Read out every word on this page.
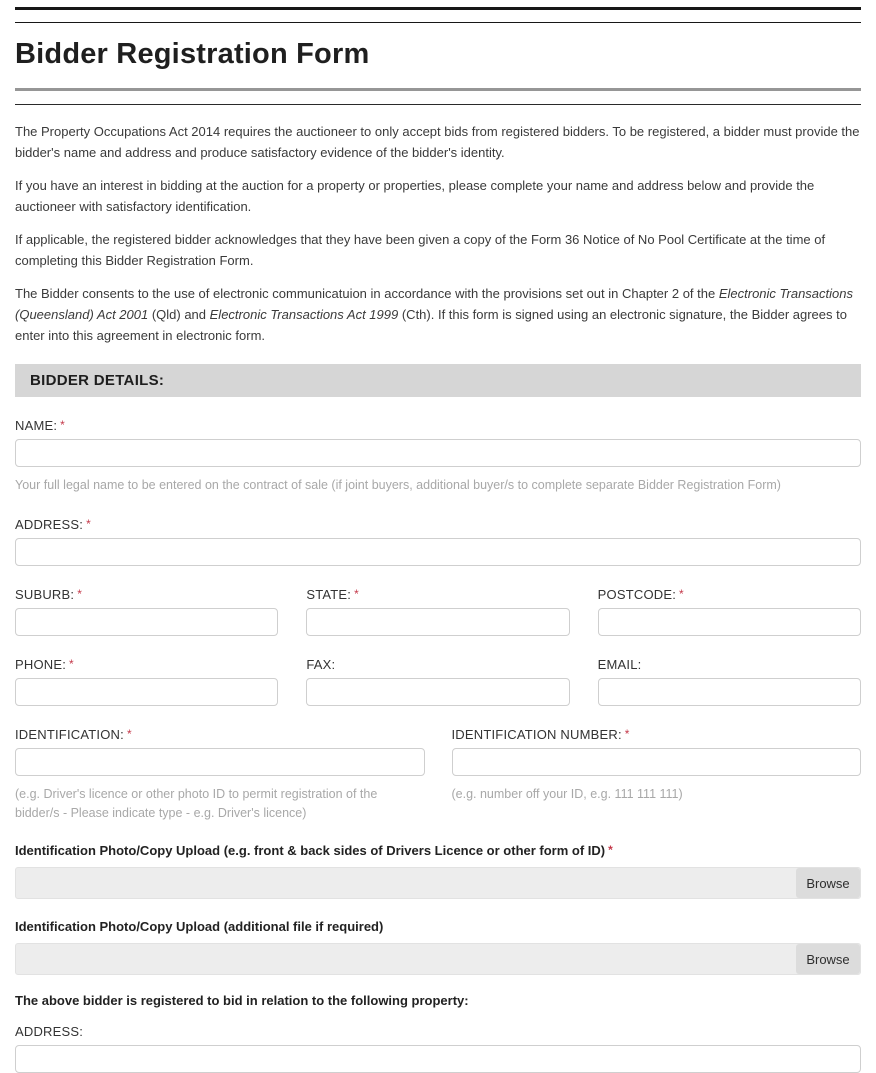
Bidder Registration Form

The Property Occupations Act 2014 requires the auctioneer to only accept bids from registered bidders. To be registered, a bidder must provide the bidder's name and address and produce satisfactory evidence of the bidder's identity.

If you have an interest in bidding at the auction for a property or properties, please complete your name and address below and provide the auctioneer with satisfactory identification.

If applicable, the registered bidder acknowledges that they have been given a copy of the Form 36 Notice of No Pool Certificate at the time of completing this Bidder Registration Form.

The Bidder consents to the use of electronic communicatuion in accordance with the provisions set out in Chapter 2 of the Electronic Transactions (Queensland) Act 2001 (Qld) and Electronic Transactions Act 1999 (Cth). If this form is signed using an electronic signature, the Bidder agrees to enter into this agreement in electronic form.

BIDDER DETAILS:
NAME: *
Your full legal name to be entered on the contract of sale (if joint buyers, additional buyer/s to complete separate Bidder Registration Form)
ADDRESS: *
SUBURB: *	STATE: *	POSTCODE: *
PHONE: *	FAX:	EMAIL:
IDENTIFICATION: *
(e.g. Driver's licence or other photo ID to permit registration of the bidder/s - Please indicate type - e.g. Driver's licence)
IDENTIFICATION NUMBER: *
(e.g. number off your ID, e.g. 111 111 111)
Identification Photo/Copy Upload (e.g. front & back sides of Drivers Licence or other form of ID) *
Browse
Identification Photo/Copy Upload (additional file if required)
Browse
The above bidder is registered to bid in relation to the following property:
ADDRESS:
